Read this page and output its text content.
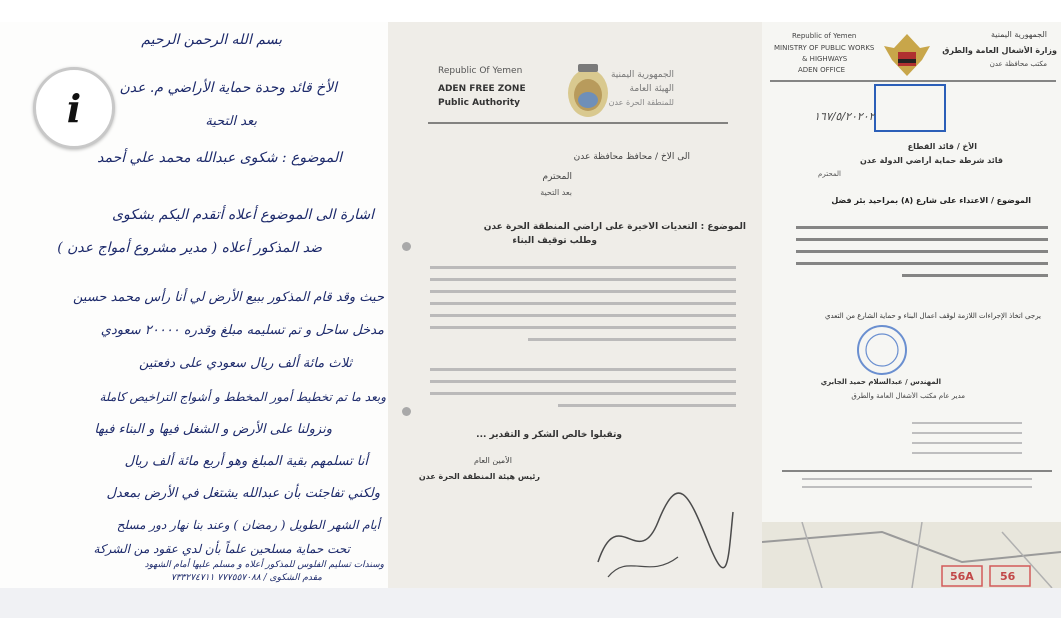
بسم الله الرحمن الرحيم
الأخ قائد وحدة حماية الأراضي م. عدن
بعد التحية
الموضوع : شكوى عبدالله محمد علي أحمد
اشارة الى الموضوع أعلاه أتقدم اليكم بشكوى
ضد المذكور أعلاه ( مدير مشروع أمواج عدن )
حيث وقد قام المذكور ببيع الأرض لي أنا رأس محمد حسين
مدخل ساحل و تم تسليمه مبلغ وقدره ٢٠٠٠٠ سعودي
ثلاث مائة ألف ريال سعودي على دفعتين
وبعد ما تم تخطيط أمور المخطط و أشواج التراخيص كاملة
ونزولنا على الأرض و الشغل فيها و البناء فيها
أنا تسلمهم بقية المبلغ وهو أربع مائة ألف ريال
ولكني تفاجئت بأن عبدالله يشتغل في الأرض بمعدل
أيام الشهر الطويل ( رمضان ) وعند بنا نهار دور مسلح
تحت حماية مسلحين علماً بأن لدي عقود من الشركة
وسندات تسليم الفلوس للمذكور أعلاه و مسلم عليها أمام الشهود
مقدم الشكوى / ٧٧٧٥٥٧٠٨٨ ٧٣٣٢٧٤٧١١
i
Republic Of Yemen
ADEN FREE ZONE
Public Authority
الجمهورية اليمنية
الهيئة العامة
للمنطقة الحرة عدن
الى الأخ / محافظ محافظة عدن
المحترم
بعد التحية
الموضوع : التعديات الأخيرة على أراضي المنطقة الحرة عدن
وطلب توقيف البناء
وتقبلوا خالص الشكر و التقدير ...
الأمين العام
رئيس هيئة المنطقة الحرة عدن
Republic of Yemen
MINISTRY OF PUBLIC WORKS
& HIGHWAYS
ADEN OFFICE
الجمهورية اليمنية
وزارة الأشغال العامة والطرق
مكتب محافظة عدن
١٦٧/٥/٢٠٢٠٢
الأخ / قائد القطاع
قائد شرطة حماية أراضي الدولة عدن
المحترم
الموضوع / الاعتداء على شارع (٨) بمراحيد بئر فضل
يرجى اتخاذ الإجراءات اللازمة لوقف أعمال البناء و حماية الشارع من التعدي
المهندس / عبدالسلام حميد الجابري
مدير عام مكتب الأشغال العامة والطرق
56A 56
